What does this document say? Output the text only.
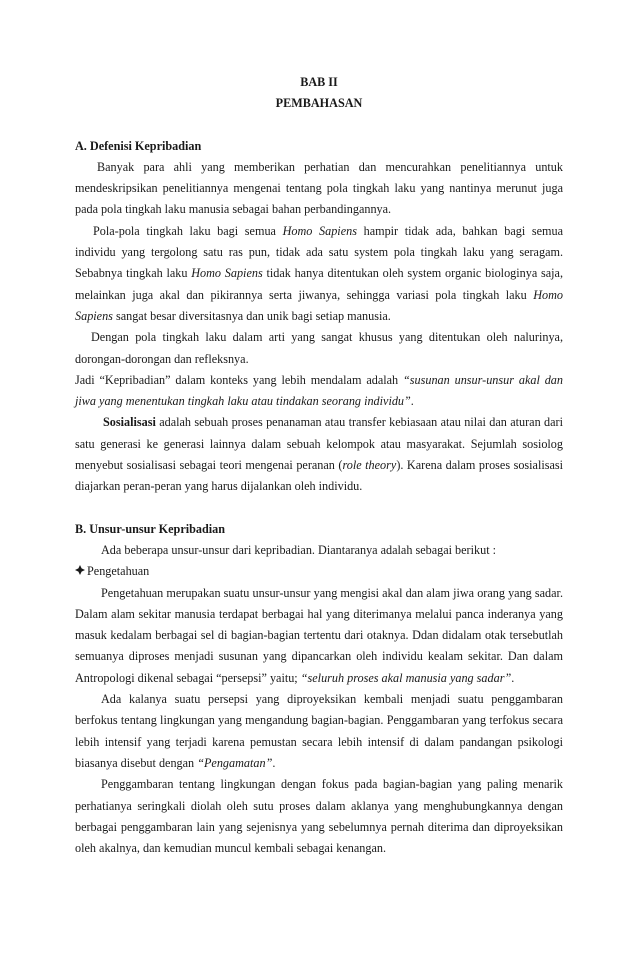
BAB II

PEMBAHASAN

A. Defenisi Kepribadian

Banyak para ahli yang memberikan perhatian dan mencurahkan penelitiannya untuk mendeskripsikan penelitiannya mengenai tentang pola tingkah laku yang nantinya merunut juga pada pola tingkah laku manusia sebagai bahan perbandingannya.

Pola-pola tingkah laku bagi semua Homo Sapiens hampir tidak ada, bahkan bagi semua individu yang tergolong satu ras pun, tidak ada satu system pola tingkah laku yang seragam. Sebabnya tingkah laku Homo Sapiens tidak hanya ditentukan oleh system organic biologinya saja, melainkan juga akal dan pikirannya serta jiwanya, sehingga variasi pola tingkah laku Homo Sapiens sangat besar diversitasnya dan unik bagi setiap manusia.

Dengan pola tingkah laku dalam arti yang sangat khusus yang ditentukan oleh nalurinya, dorongan-dorongan dan refleksnya.

Jadi “Kepribadian” dalam konteks yang lebih mendalam adalah “susunan unsur-unsur akal dan jiwa yang menentukan tingkah laku atau tindakan seorang individu”.

Sosialisasi adalah sebuah proses penanaman atau transfer kebiasaan atau nilai dan aturan dari satu generasi ke generasi lainnya dalam sebuah kelompok atau masyarakat. Sejumlah sosiolog menyebut sosialisasi sebagai teori mengenai peranan (role theory). Karena dalam proses sosialisasi diajarkan peran-peran yang harus dijalankan oleh individu.

B. Unsur-unsur Kepribadian

Ada beberapa unsur-unsur dari kepribadian. Diantaranya adalah sebagai berikut :

Pengetahuan

Pengetahuan merupakan suatu unsur-unsur yang mengisi akal dan alam jiwa orang yang sadar. Dalam alam sekitar manusia terdapat berbagai hal yang diterimanya melalui panca inderanya yang masuk kedalam berbagai sel di bagian-bagian tertentu dari otaknya. Ddan didalam otak tersebutlah semuanya diproses menjadi susunan yang dipancarkan oleh individu kealam sekitar. Dan dalam Antropologi dikenal sebagai “persepsi” yaitu; “seluruh proses akal manusia yang sadar”.

Ada kalanya suatu persepsi yang diproyeksikan kembali menjadi suatu penggambaran berfokus tentang lingkungan yang mengandung bagian-bagian. Penggambaran yang terfokus secara lebih intensif yang terjadi karena pemustan secara lebih intensif di dalam pandangan psikologi biasanya disebut dengan “Pengamatan”.

Penggambaran tentang lingkungan dengan fokus pada bagian-bagian yang paling menarik perhatianya seringkali diolah oleh sutu proses dalam aklanya yang menghubungkannya dengan berbagai penggambaran lain yang sejenisnya yang sebelumnya pernah diterima dan diproyeksikan oleh akalnya, dan kemudian muncul kembali sebagai kenangan.
